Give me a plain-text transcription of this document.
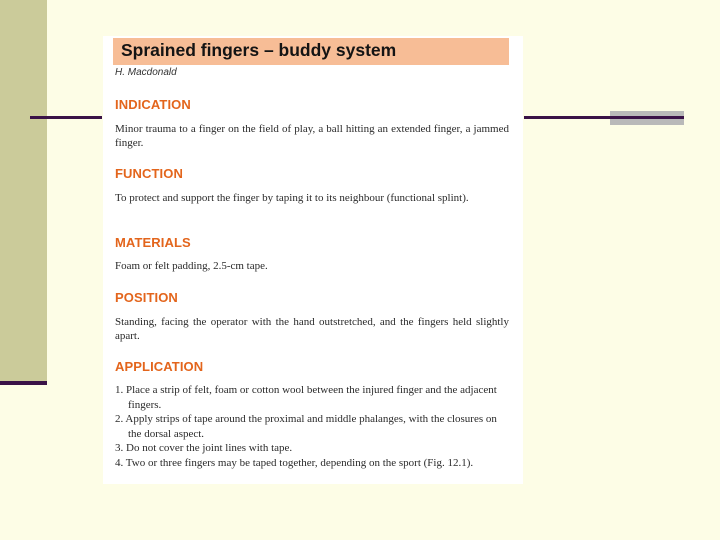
Sprained fingers – buddy system
H. Macdonald
INDICATION
Minor trauma to a finger on the field of play, a ball hitting an extended finger, a jammed finger.
FUNCTION
To protect and support the finger by taping it to its neighbour (functional splint).
MATERIALS
Foam or felt padding, 2.5-cm tape.
POSITION
Standing, facing the operator with the hand outstretched, and the fingers held slightly apart.
APPLICATION
1. Place a strip of felt, foam or cotton wool between the injured finger and the adjacent fingers.
2. Apply strips of tape around the proximal and middle phalanges, with the closures on the dorsal aspect.
3. Do not cover the joint lines with tape.
4. Two or three fingers may be taped together, depending on the sport (Fig. 12.1).
